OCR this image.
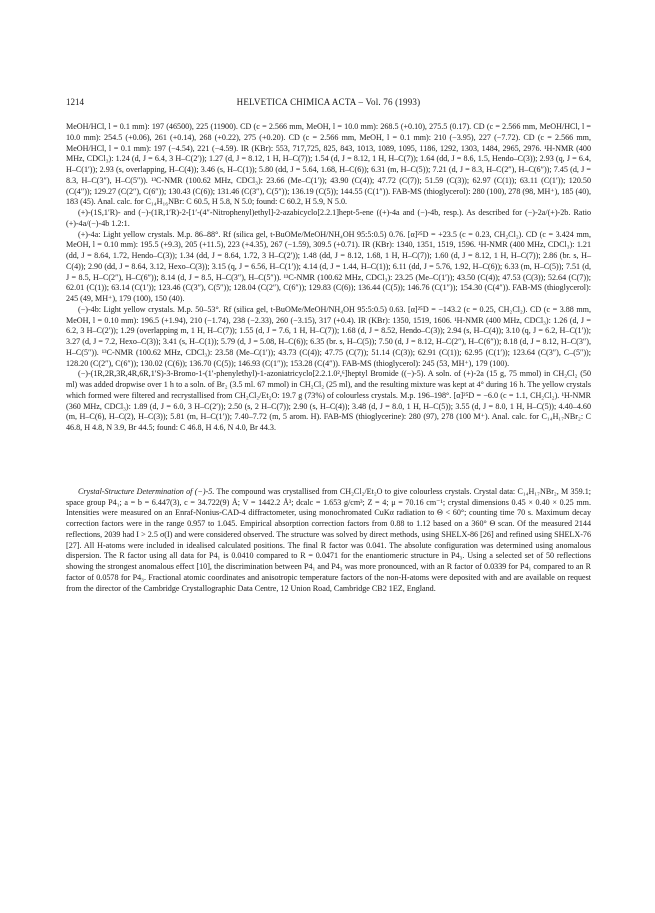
1214	HELVETICA CHIMICA ACTA – Vol. 76 (1993)

MeOH/HCl, l = 0.1 mm): 197 (46500), 225 (11900). CD (c = 2.566 mm, MeOH, l = 10.0 mm): 268.5 (+0.10), 275.5 (0.17). CD (c = 2.566 mm, MeOH/HCl, l = 10.0 mm): 254.5 (+0.06), 261 (+0.14), 268 (+0.22), 275 (+0.20). CD (c = 2.566 mm, MeOH, l = 0.1 mm): 210 (−3.95), 227 (−7.72). CD (c = 2.566 mm, MeOH/HCl, l = 0.1 mm): 197 (−4.54), 221 (−4.59). IR (KBr): 553, 717,725, 825, 843, 1013, 1089, 1095, 1186, 1292, 1303, 1484, 2965, 2976. ¹H-NMR (400 MHz, CDCl₃): 1.24 (d, J = 6.4, 3 H–C(2′)); 1.27 (d, J = 8.12, 1 H, H–C(7)); 1.54 (d, J = 8.12, 1 H, H–C(7)); 1.64 (dd, J = 8.6, 1.5, Hendo–C(3)); 2.93 (q, J = 6.4, H–C(1′)); 2.93 (s, overlapping, H–C(4)); 3.46 (s, H–C(1)); 5.80 (dd, J = 5.64, 1.68, H–C(6)); 6.31 (m, H–C(5)); 7.21 (d, J = 8.3, H–C(2″), H–C(6″)); 7.45 (d, J = 8.3, H–C(3″), H–C(5″)). ¹³C-NMR (100.62 MHz, CDCl₃): 23.66 (Me–C(1′)); 43.90 (C(4)); 47.72 (C(7)); 51.59 (C(3)); 62.97 (C(1)); 63.11 (C(1′)); 120.50 (C(4″)); 129.27 (C(2″), C(6″)); 130.43 (C(6)); 131.46 (C(3″), C(5″)); 136.19 (C(5)); 144.55 (C(1″)). FAB-MS (thioglycerol): 280 (100), 278 (98, MH⁺), 185 (40), 183 (45). Anal. calc. for C₁₄H₁₆NBr: C 60.5, H 5.8, N 5.0; found: C 60.2, H 5.9, N 5.0.

(+)-(1S,1′R)- and (−)-(1R,1′R)-2-[1′-(4″-Nitrophenyl)ethyl]-2-azabicyclo[2.2.1]hept-5-ene ((+)-4a and (−)-4b, resp.). As described for (−)-2a/(+)-2b. Ratio (+)-4a/(−)-4b 1.2:1.

(+)-4a: Light yellow crystals. M.p. 86–88°. Rf (silica gel, t-BuOMe/MeOH/NH₄OH 95:5:0.5) 0.76. [α]²⁵D = +23.5 (c = 0.23, CH₂Cl₂). CD (c = 3.424 mm, MeOH, l = 0.10 mm): 195.5 (+9.3), 205 (+11.5), 223 (+4.35), 267 (−1.59), 309.5 (+0.71). IR (KBr): 1340, 1351, 1519, 1596. ¹H-NMR (400 MHz, CDCl₃): 1.21 (dd, J = 8.64, 1.72, Hendo–C(3)); 1.34 (dd, J = 8.64, 1.72, 3 H–C(2′)); 1.48 (dd, J = 8.12, 1.68, 1 H, H–C(7)); 1.60 (d, J = 8.12, 1 H, H–C(7)); 2.86 (br. s, H–C(4)); 2.90 (dd, J = 8.64, 3.12, Hexo–C(3)); 3.15 (q, J = 6.56, H–C(1′)); 4.14 (d, J = 1.44, H–C(1)); 6.11 (dd, J = 5.76, 1.92, H–C(6)); 6.33 (m, H–C(5)); 7.51 (d, J = 8.5, H–C(2″), H–C(6″)); 8.14 (d, J = 8.5, H–C(3″), H–C(5″)). ¹³C-NMR (100.62 MHz, CDCl₃): 23.25 (Me–C(1′)); 43.50 (C(4)); 47.53 (C(3)); 52.64 (C(7)); 62.01 (C(1)); 63.14 (C(1′)); 123.46 (C(3″), C(5″)); 128.04 (C(2″), C(6″)); 129.83 (C(6)); 136.44 (C(5)); 146.76 (C(1″)); 154.30 (C(4″)). FAB-MS (thioglycerol): 245 (49, MH⁺), 179 (100), 150 (40).

(−)-4b: Light yellow crystals. M.p. 50–53°. Rf (silica gel, t-BuOMe/MeOH/NH₄OH 95:5:0.5) 0.63. [α]²⁵D = −143.2 (c = 0.25, CH₂Cl₂). CD (c = 3.88 mm, MeOH, l = 0.10 mm): 196.5 (+1.94), 210 (−1.74), 238 (−2.33), 260 (−3.15), 317 (+0.4). IR (KBr): 1350, 1519, 1606. ¹H-NMR (400 MHz, CDCl₃): 1.26 (d, J = 6.2, 3 H–C(2′)); 1.29 (overlapping m, 1 H, H–C(7)); 1.55 (d, J = 7.6, 1 H, H–C(7)); 1.68 (d, J = 8.52, Hendo–C(3)); 2.94 (s, H–C(4)); 3.10 (q, J = 6.2, H–C(1′)); 3.27 (d, J = 7.2, Hexo–C(3)); 3.41 (s, H–C(1)); 5.79 (d, J = 5.08, H–C(6)); 6.35 (br. s, H–C(5)); 7.50 (d, J = 8.12, H–C(2″), H–C(6″)); 8.18 (d, J = 8.12, H–C(3″), H–C(5″)). ¹³C-NMR (100.62 MHz, CDCl₃): 23.58 (Me–C(1′)); 43.73 (C(4)); 47.75 (C(7)); 51.14 (C(3)); 62.91 (C(1)); 62.95 (C(1′)); 123.64 (C(3″), C–(5″)); 128.20 (C(2″), C(6″)); 130.02 (C(6)); 136.70 (C(5)); 146.93 (C(1″)); 153.28 (C(4″)). FAB-MS (thioglycerol): 245 (53, MH⁺), 179 (100).

(−)-(1R,2R,3R,4R,6R,1′S)-3-Bromo-1-(1′-phenylethyl)-1-azoniatricyclo[2.2.1.0²,⁶]heptyl Bromide ((−)-5). A soln. of (+)-2a (15 g, 75 mmol) in CH₂Cl₂ (50 ml) was added dropwise over 1 h to a soln. of Br₂ (3.5 ml. 67 mmol) in CH₂Cl₂ (25 ml), and the resulting mixture was kept at 4° during 16 h. The yellow crystals which formed were filtered and recrystallised from CH₂Cl₂/Et₂O: 19.7 g (73%) of colourless crystals. M.p. 196–198°. [α]²⁵D = −6.0 (c = 1.1, CH₂Cl₂). ¹H-NMR (360 MHz, CDCl₃): 1.89 (d, J = 6.0, 3 H–C(2′)); 2.50 (s, 2 H–C(7)); 2.90 (s, H–C(4)); 3.48 (d, J = 8.0, 1 H, H–C(5)); 3.55 (d, J = 8.0, 1 H, H–C(5)); 4.40–4.60 (m, H–C(6), H–C(2), H–C(3)); 5.81 (m, H–C(1′)); 7.40–7.72 (m, 5 arom. H). FAB-MS (thioglycerine): 280 (97), 278 (100 M⁺). Anal. calc. for C₁₄H₁₇NBr₂: C 46.8, H 4.8, N 3.9, Br 44.5; found: C 46.8, H 4.6, N 4.0, Br 44.3.

Crystal-Structure Determination of (−)-5. The compound was crystallised from CH₂Cl₂/Et₂O to give colourless crystals. Crystal data: C₁₄H₁₇NBr₂, M 359.1; space group P4₁; a = b = 6.447(3), c = 34.722(9) Å; V = 1442.2 Å³; dcalc = 1.653 g/cm³; Z = 4; μ = 70.16 cm⁻¹; crystal dimensions 0.45 × 0.40 × 0.25 mm. Intensities were measured on an Enraf-Nonius-CAD-4 diffractometer, using monochromated CuKα radiation to Θ < 60°; counting time 70 s. Maximum decay correction factors were in the range 0.957 to 1.045. Empirical absorption correction factors from 0.88 to 1.12 based on a 360° Θ scan. Of the measured 2144 reflections, 2039 had I > 2.5 σ(I) and were considered observed. The structure was solved by direct methods, using SHELX-86 [26] and refined using SHELX-76 [27]. All H-atoms were included in idealised calculated positions. The final R factor was 0.041. The absolute configuration was determined using anomalous dispersion. The R factor using all data for P4₁ is 0.0410 compared to R = 0.0471 for the enantiomeric structure in P4₃. Using a selected set of 50 reflections showing the strongest anomalous effect [10], the discrimination between P4₁ and P4₃ was more pronounced, with an R factor of 0.0339 for P4₁ compared to an R factor of 0.0578 for P4₃. Fractional atomic coordinates and anisotropic temperature factors of the non-H-atoms were deposited with and are available on request from the director of the Cambridge Crystallographic Data Centre, 12 Union Road, Cambridge CB2 1EZ, England.
